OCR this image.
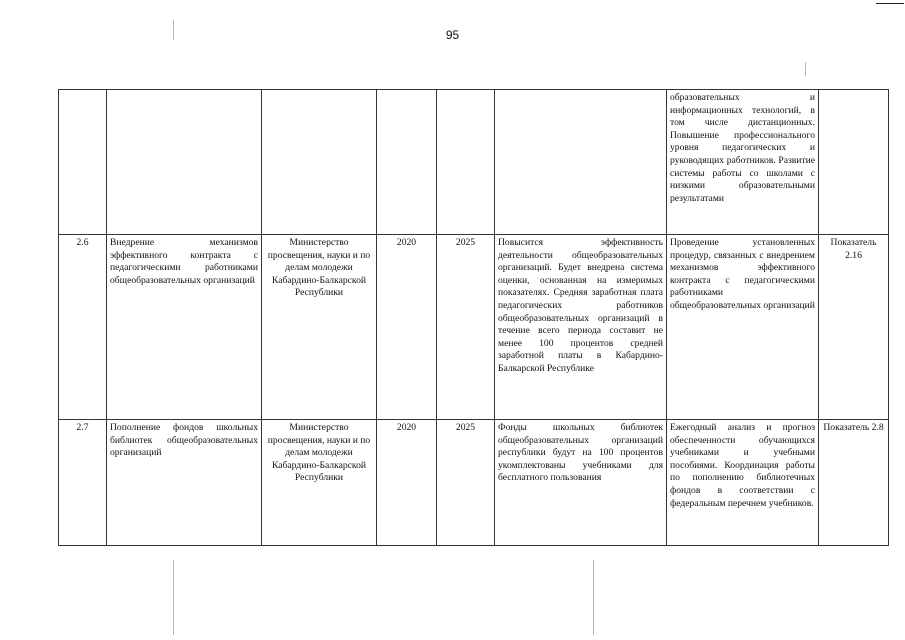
95
						образовательных и информационных технологий, в том числе дистанционных. Повышение профессионального уровня педагогических и руководящих работников. Развитие системы работы со школами с низкими образовательными результатами	
2.6	Внедрение механизмов эффективного контракта с педагогическими работниками общеобразовательных организаций	Министерство просвещения, науки и по делам молодежи Кабардино-Балкарской Республики	2020	2025	Повысится эффективность деятельности общеобразовательных организаций. Будет внедрена система оценки, основанная на измеримых показателях. Средняя заработная плата педагогических работников общеобразовательных организаций в течение всего периода составит не менее 100 процентов средней заработной платы в Кабардино-Балкарской Республике	Проведение установленных процедур, связанных с внедрением механизмов эффективного контракта с педагогическими работниками общеобразовательных организаций	Показатель 2.16
2.7	Пополнение фондов школьных библиотек общеобразовательных организаций	Министерство просвещения, науки и по делам молодежи Кабардино-Балкарской Республики	2020	2025	Фонды школьных библиотек общеобразовательных организаций республики будут на 100 процентов укомплектованы учебниками для бесплатного пользования	Ежегодный анализ и прогноз обеспеченности обучающихся учебниками и учебными пособиями. Координация работы по пополнению библиотечных фондов в соответствии с федеральным перечнем учебников.	Показатель 2.8
